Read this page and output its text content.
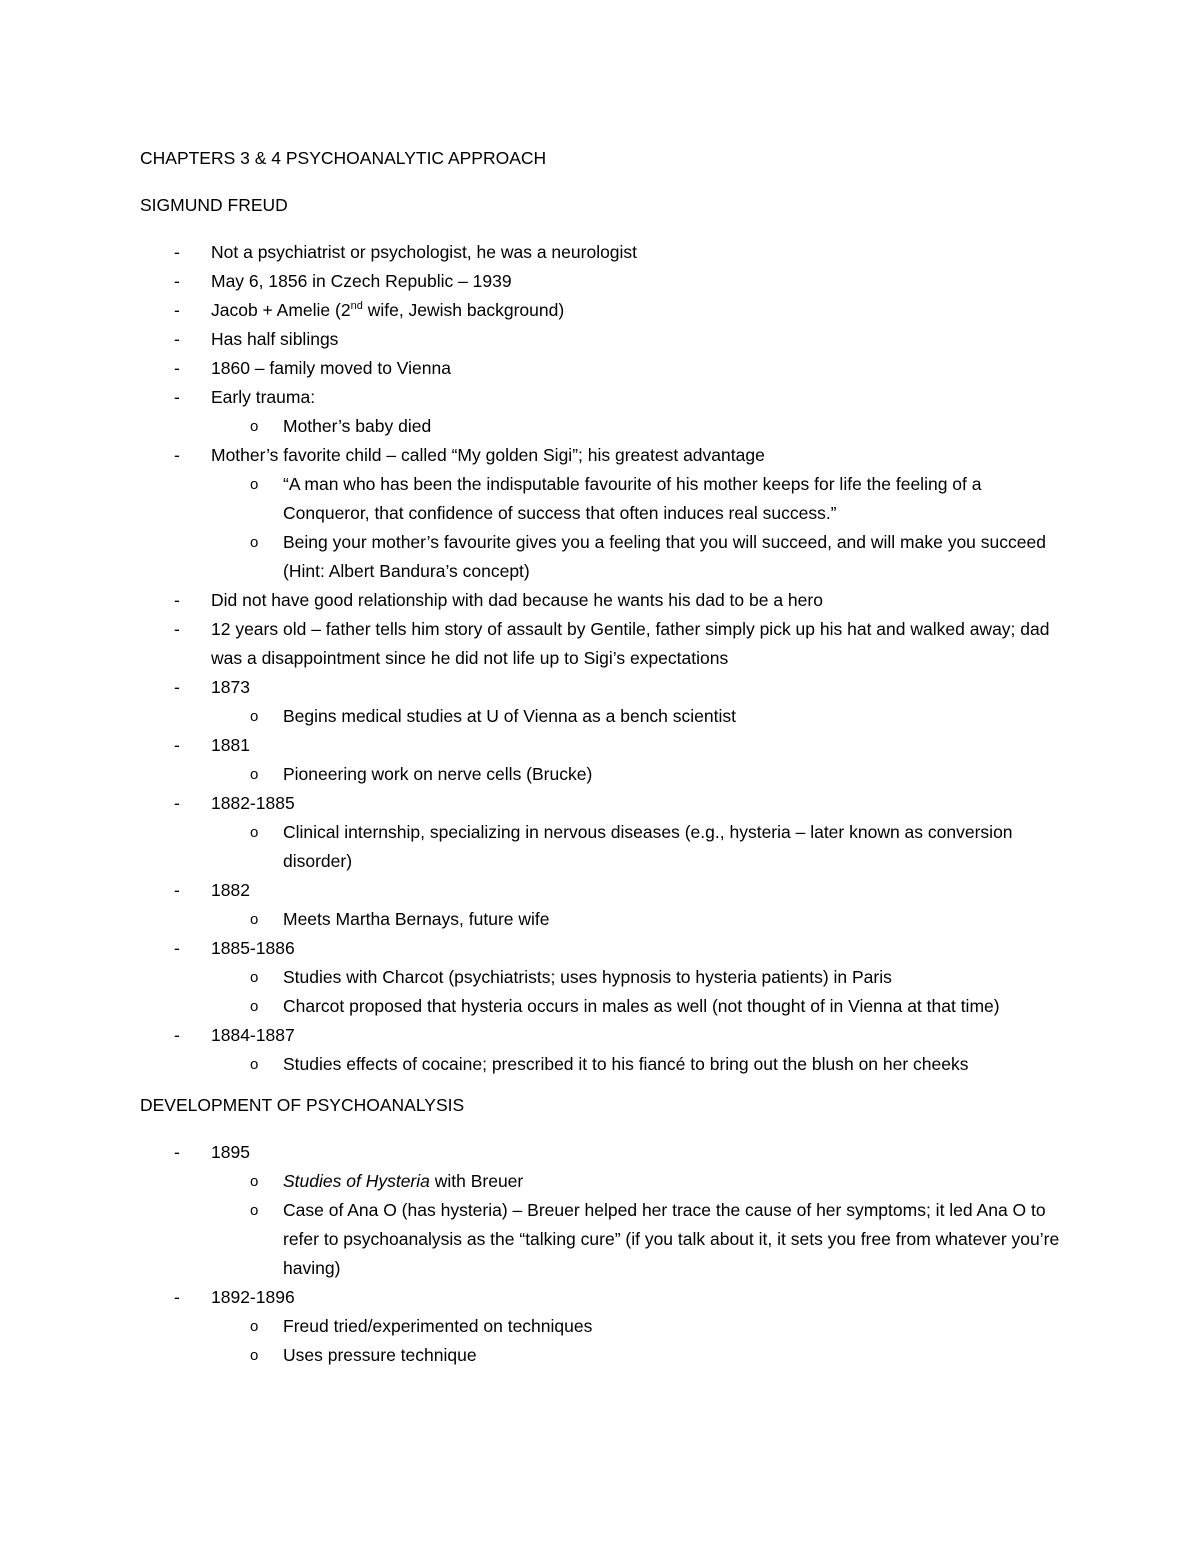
CHAPTERS 3 & 4 PSYCHOANALYTIC APPROACH

SIGMUND FREUD

-	Not a psychiatrist or psychologist, he was a neurologist
-	May 6, 1856 in Czech Republic – 1939
-	Jacob + Amelie (2nd wife, Jewish background)
-	Has half siblings
-	1860 – family moved to Vienna
-	Early trauma:
o Mother’s baby died
-	Mother’s favorite child – called “My golden Sigi”; his greatest advantage
o “A man who has been the indisputable favourite of his mother keeps for life the feeling of a Conqueror, that confidence of success that often induces real success.”
o Being your mother’s favourite gives you a feeling that you will succeed, and will make you succeed (Hint: Albert Bandura’s concept)
-	Did not have good relationship with dad because he wants his dad to be a hero
-	12 years old – father tells him story of assault by Gentile, father simply pick up his hat and walked away; dad was a disappointment since he did not life up to Sigi’s expectations
-	1873
o Begins medical studies at U of Vienna as a bench scientist
-	1881
o Pioneering work on nerve cells (Brucke)
-	1882-1885
o Clinical internship, specializing in nervous diseases (e.g., hysteria – later known as conversion disorder)
-	1882
o Meets Martha Bernays, future wife
-	1885-1886
o Studies with Charcot (psychiatrists; uses hypnosis to hysteria patients) in Paris
o Charcot proposed that hysteria occurs in males as well (not thought of in Vienna at that time)
-	1884-1887
o Studies effects of cocaine; prescribed it to his fiancé to bring out the blush on her cheeks

DEVELOPMENT OF PSYCHOANALYSIS

-	1895
o Studies of Hysteria with Breuer
o Case of Ana O (has hysteria) – Breuer helped her trace the cause of her symptoms; it led Ana O to refer to psychoanalysis as the “talking cure” (if you talk about it, it sets you free from whatever you’re having)
-	1892-1896
o Freud tried/experimented on techniques
o Uses pressure technique
